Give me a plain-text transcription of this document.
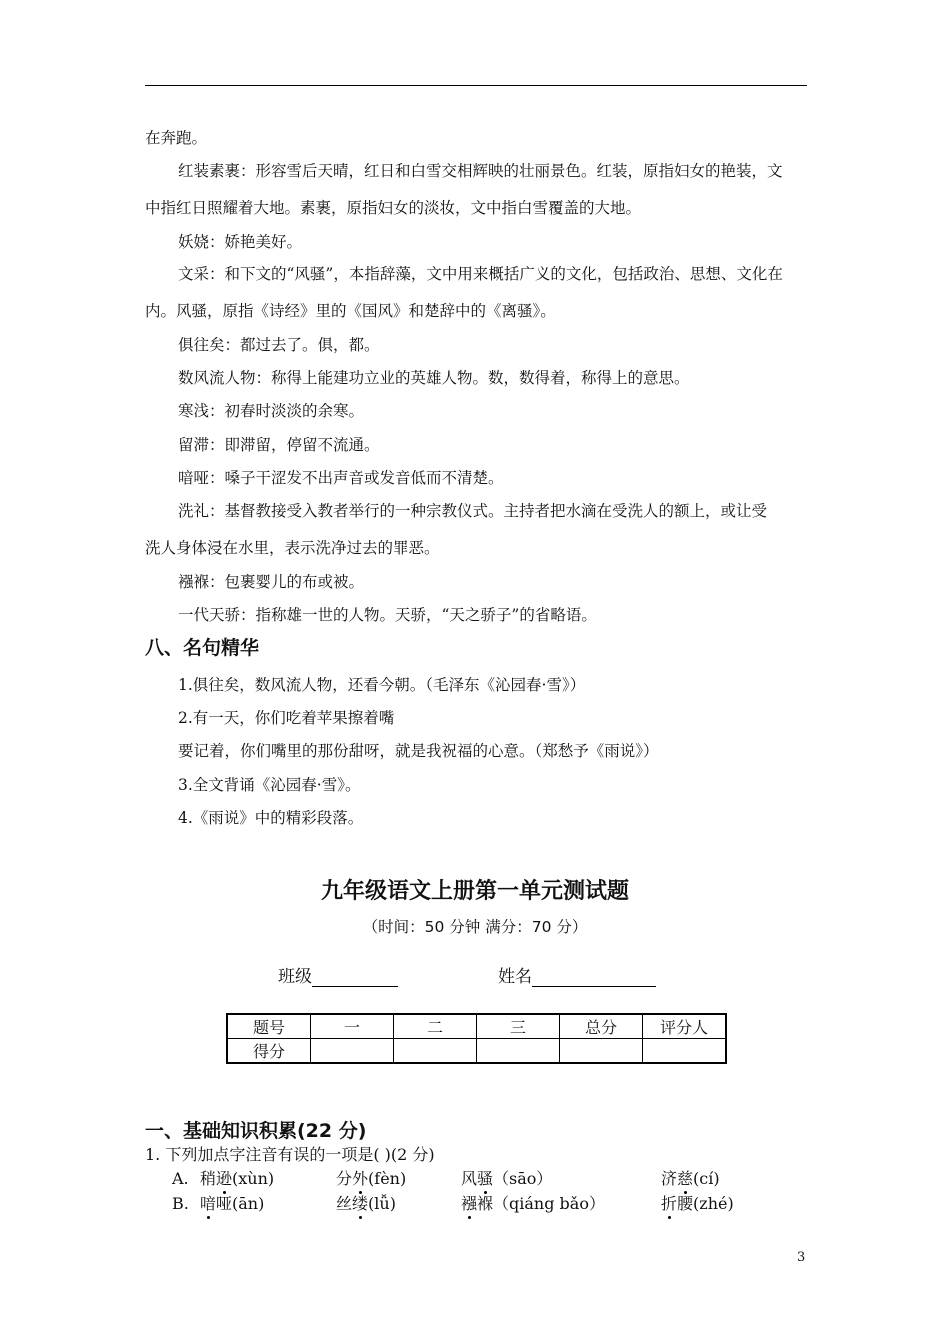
在奔跑。
红装素裹：形容雪后天晴，红日和白雪交相辉映的壮丽景色。红装，原指妇女的艳装，文
中指红日照耀着大地。素裹，原指妇女的淡妆，文中指白雪覆盖的大地。
妖娆：娇艳美好。
文采：和下文的“风骚”，本指辞藻，文中用来概括广义的文化，包括政治、思想、文化在
内。风骚，原指《诗经》里的《国风》和楚辞中的《离骚》。
俱往矣：都过去了。俱，都。
数风流人物：称得上能建功立业的英雄人物。数，数得着，称得上的意思。
寒浅：初春时淡淡的余寒。
留滞：即滞留，停留不流通。
喑哑：嗓子干涩发不出声音或发音低而不清楚。
洗礼：基督教接受入教者举行的一种宗教仪式。主持者把水滴在受洗人的额上，或让受
洗人身体浸在水里，表示洗净过去的罪恶。
襁褓：包裹婴儿的布或被。
一代天骄：指称雄一世的人物。天骄，“天之骄子”的省略语。
八、名句精华
1.俱往矣，数风流人物，还看今朝。（毛泽东《沁园春·雪》）
2.有一天，你们吃着苹果擦着嘴
要记着，你们嘴里的那份甜呀，就是我祝福的心意。（郑愁予《雨说》）
3.全文背诵《沁园春·雪》。
4.《雨说》中的精彩段落。
九年级语文上册第一单元测试题
（时间：50 分钟 满分：70 分）
班级	姓名
题号	一	二	三	总分	评分人
得分					
一、基础知识积累(22 分)
1. 下列加点字注音有误的一项是( )(2 分)
A. 稍逊(xùn)	分外(fèn)	风骚（sāo）	济慈(cí)
B. 喑哑(ān)	丝缕(lǚ)	襁褓（qiáng bǎo）	折腰(zhé)
3
